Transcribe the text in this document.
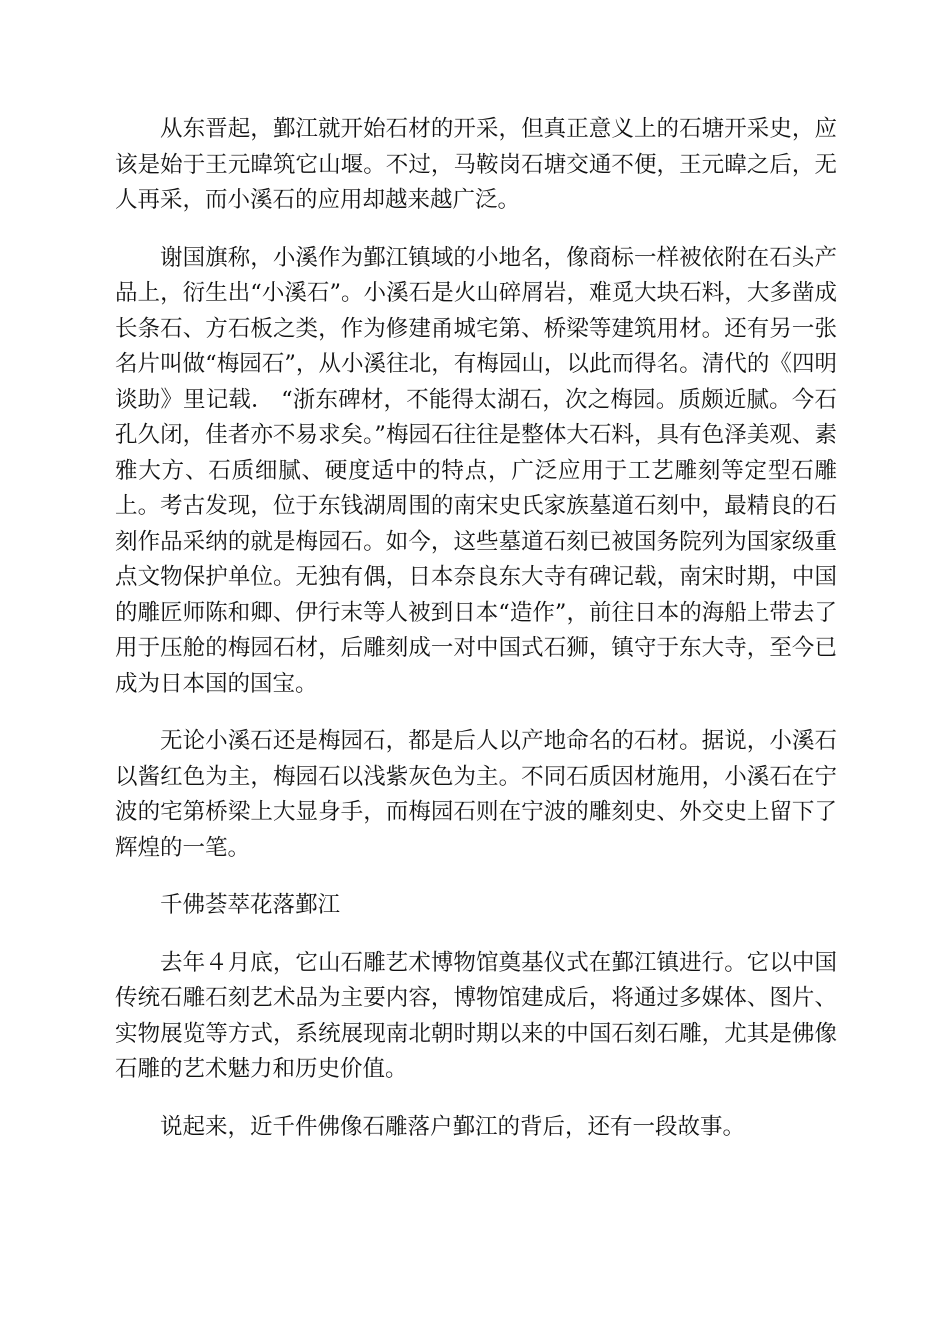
从东晋起，鄞江就开始石材的开采，但真正意义上的石塘开采史，应该是始于王元暐筑它山堰。不过，马鞍岗石塘交通不便，王元暐之后，无人再采，而小溪石的应用却越来越广泛。

谢国旗称，小溪作为鄞江镇域的小地名，像商标一样被依附在石头产品上，衍生出“小溪石”。小溪石是火山碎屑岩，难觅大块石料，大多凿成长条石、方石板之类，作为修建甬城宅第、桥梁等建筑用材。还有另一张名片叫做“梅园石”，从小溪往北，有梅园山，以此而得名。清代的《四明谈助》里记载． “浙东碑材，不能得太湖石，次之梅园。质颇近腻。今石孔久闭，佳者亦不易求矣。”梅园石往往是整体大石料，具有色泽美观、素雅大方、石质细腻、硬度适中的特点，广泛应用于工艺雕刻等定型石雕上。考古发现，位于东钱湖周围的南宋史氏家族墓道石刻中，最精良的石刻作品采纳的就是梅园石。如今，这些墓道石刻已被国务院列为国家级重点文物保护单位。无独有偶，日本奈良东大寺有碑记载，南宋时期，中国的雕匠师陈和卿、伊行末等人被到日本“造作”，前往日本的海船上带去了用于压舱的梅园石材，后雕刻成一对中国式石狮，镇守于东大寺，至今已成为日本国的国宝。

无论小溪石还是梅园石，都是后人以产地命名的石材。据说，小溪石以酱红色为主，梅园石以浅紫灰色为主。不同石质因材施用，小溪石在宁波的宅第桥梁上大显身手，而梅园石则在宁波的雕刻史、外交史上留下了辉煌的一笔。

千佛荟萃花落鄞江

去年４月底，它山石雕艺术博物馆奠基仪式在鄞江镇进行。它以中国传统石雕石刻艺术品为主要内容，博物馆建成后，将通过多媒体、图片、实物展览等方式，系统展现南北朝时期以来的中国石刻石雕，尤其是佛像石雕的艺术魅力和历史价值。

说起来，近千件佛像石雕落户鄞江的背后，还有一段故事。
